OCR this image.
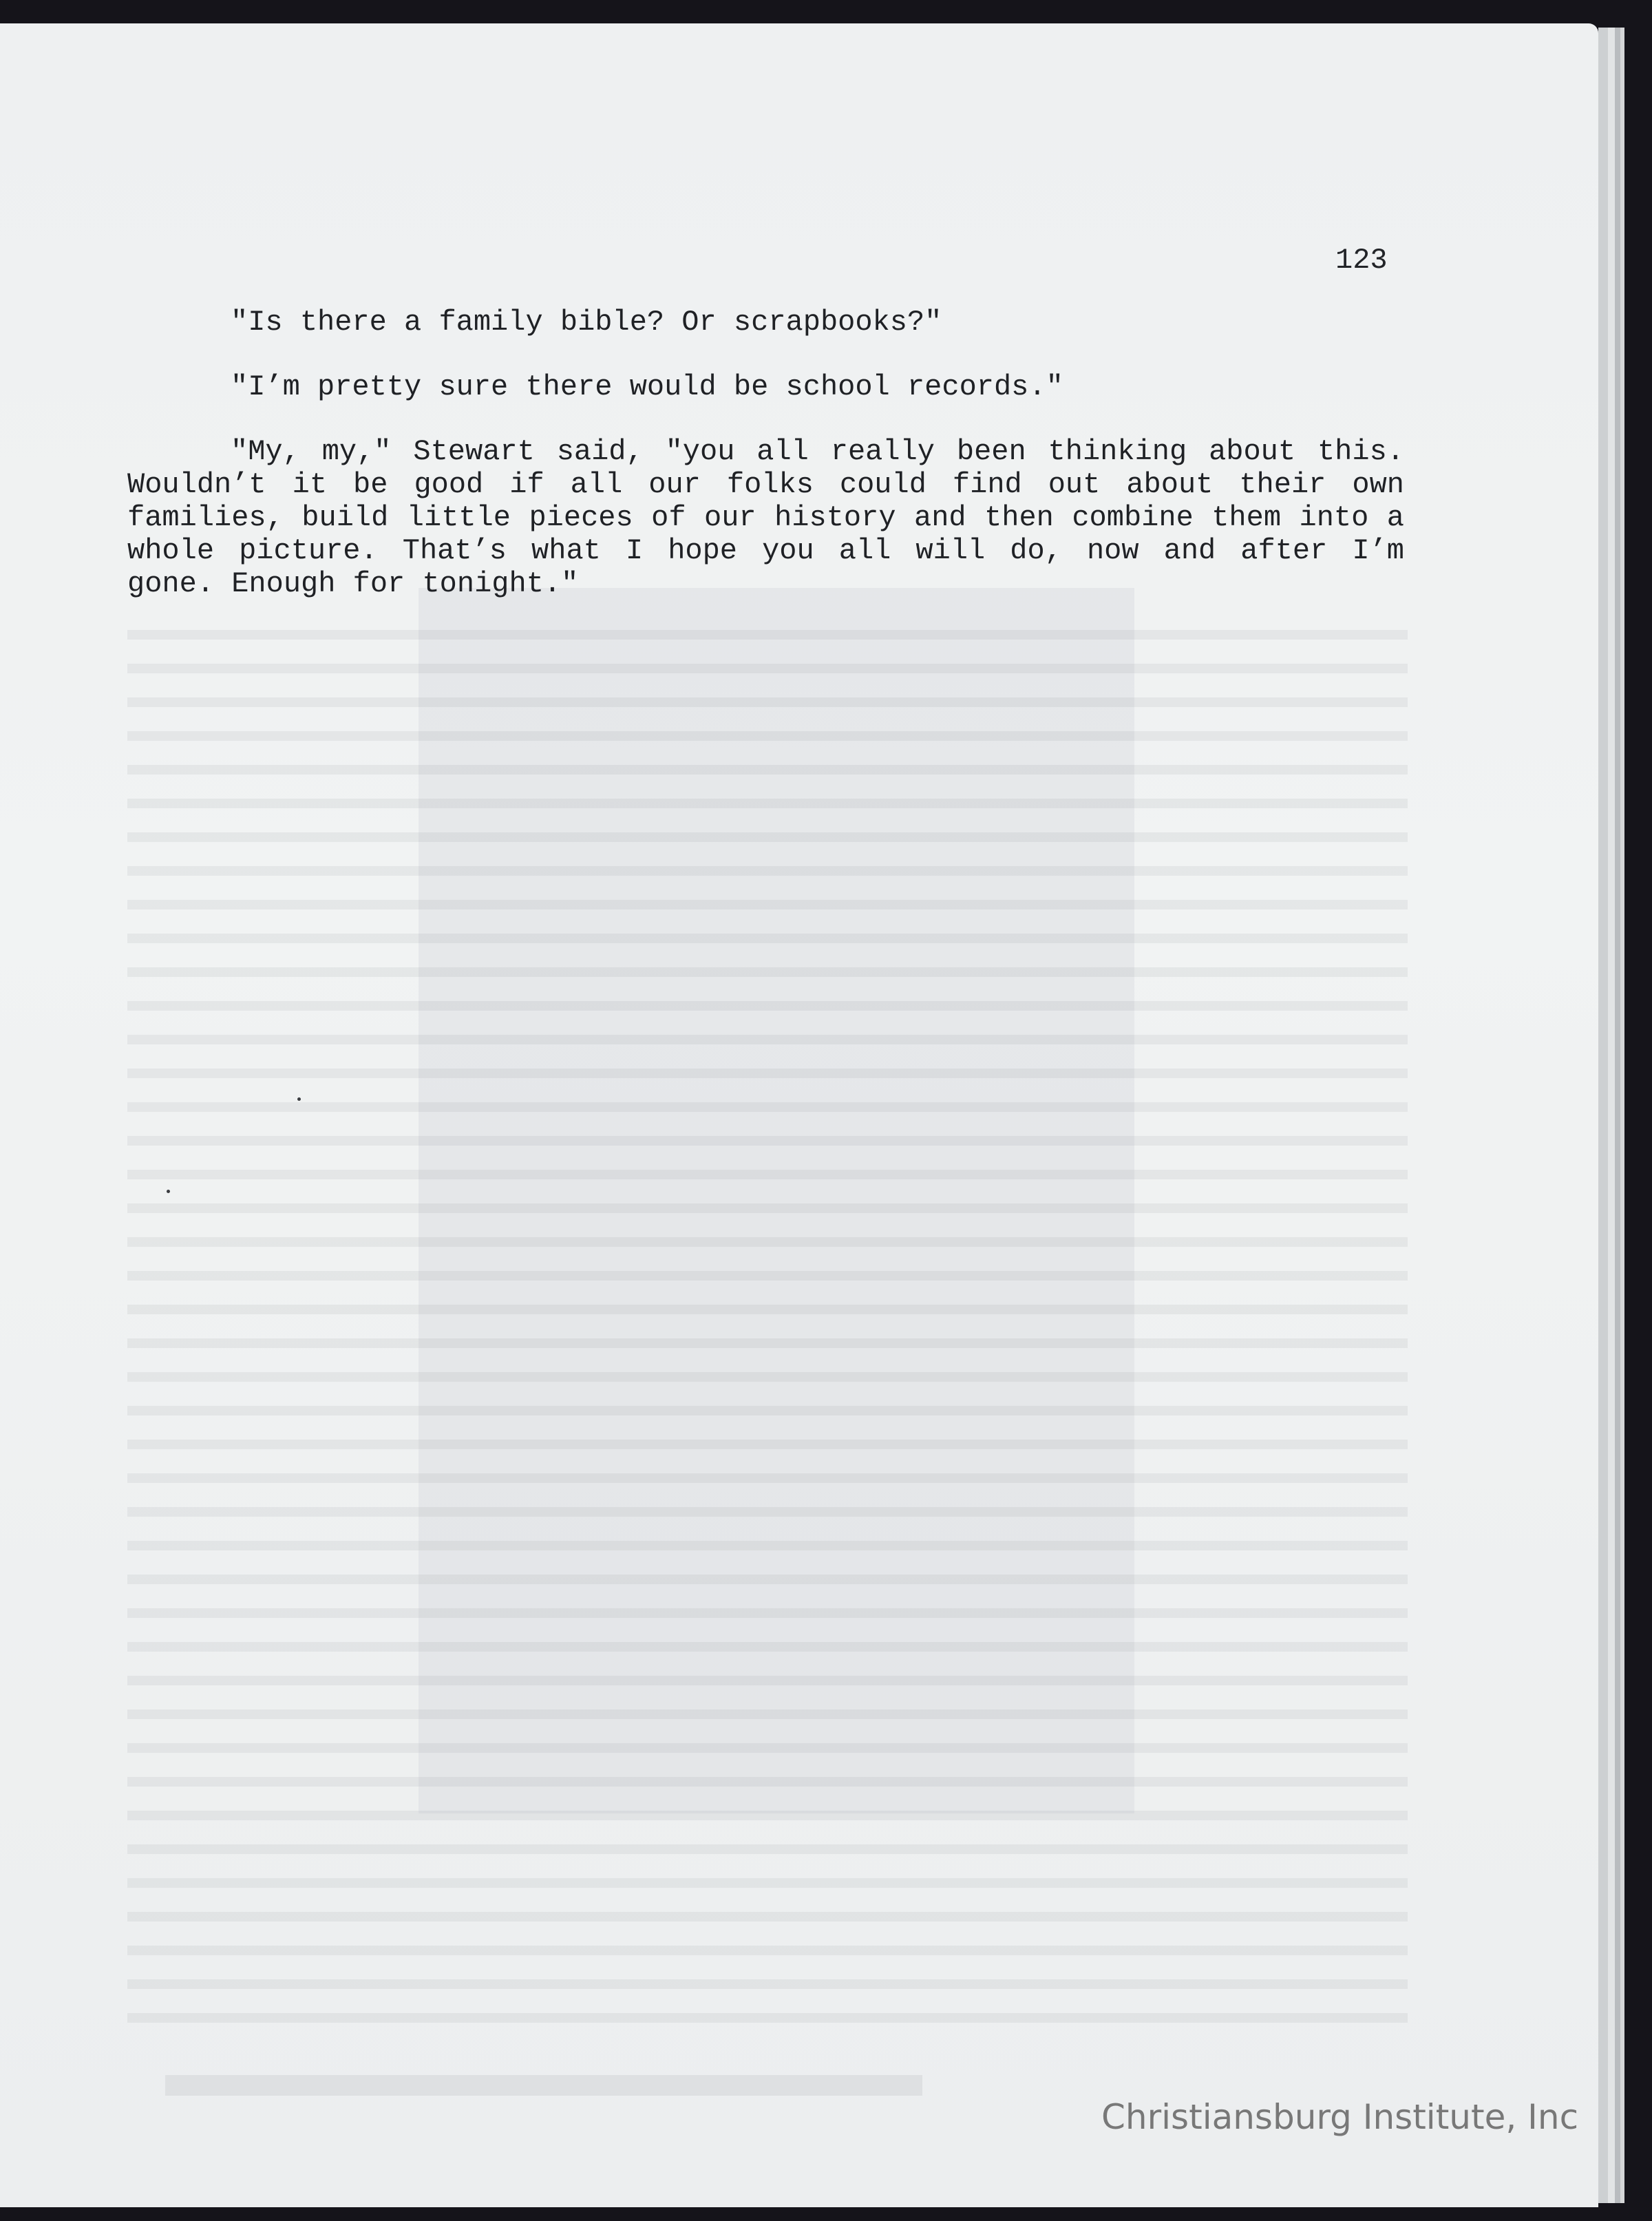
123

"Is there a family bible? Or scrapbooks?"

"I’m pretty sure there would be school records."

"My, my," Stewart said, "you all really been thinking about this. Wouldn’t it be good if all our folks could find out about their own families, build little pieces of our history and then combine them into a whole picture. That’s what I hope you all will do, now and after I’m gone. Enough for tonight."

Christiansburg Institute, Inc
